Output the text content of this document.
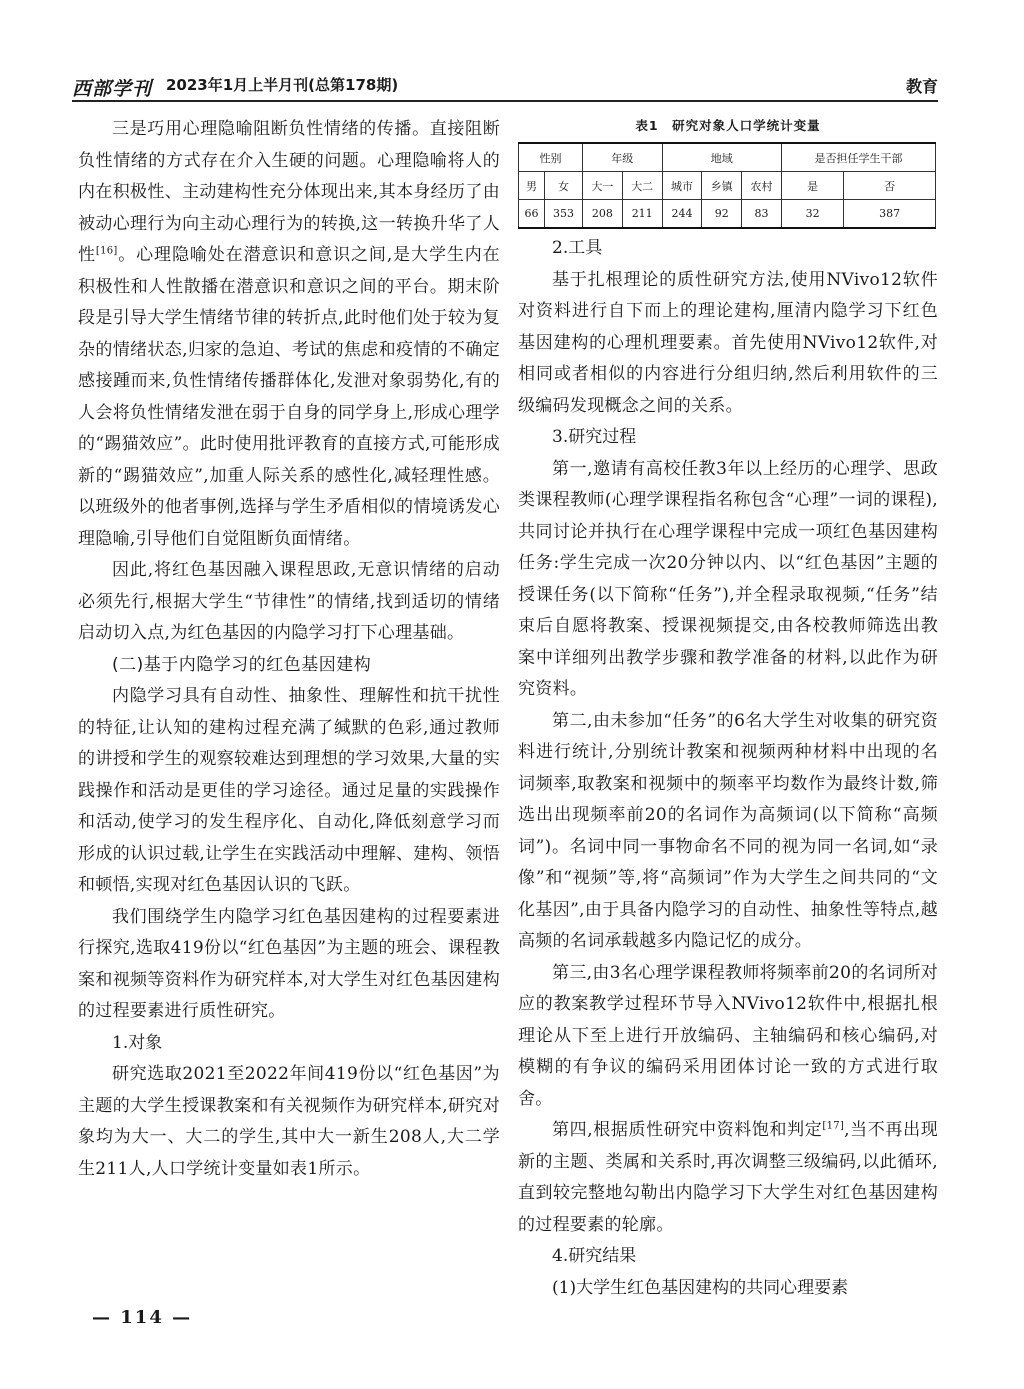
西部学刊 2023年1月上半月刊(总第178期)	教育

三是巧用心理隐喻阻断负性情绪的传播。直接阻断负性情绪的方式存在介入生硬的问题。心理隐喻将人的内在积极性、主动建构性充分体现出来,其本身经历了由被动心理行为向主动心理行为的转换,这一转换升华了人性[16]。心理隐喻处在潜意识和意识之间,是大学生内在积极性和人性散播在潜意识和意识之间的平台。期末阶段是引导大学生情绪节律的转折点,此时他们处于较为复杂的情绪状态,归家的急迫、考试的焦虑和疫情的不确定感接踵而来,负性情绪传播群体化,发泄对象弱势化,有的人会将负性情绪发泄在弱于自身的同学身上,形成心理学的“踢猫效应”。此时使用批评教育的直接方式,可能形成新的“踢猫效应”,加重人际关系的感性化,减轻理性感。以班级外的他者事例,选择与学生矛盾相似的情境诱发心理隐喻,引导他们自觉阻断负面情绪。

因此,将红色基因融入课程思政,无意识情绪的启动必须先行,根据大学生“节律性”的情绪,找到适切的情绪启动切入点,为红色基因的内隐学习打下心理基础。

(二)基于内隐学习的红色基因建构

内隐学习具有自动性、抽象性、理解性和抗干扰性的特征,让认知的建构过程充满了缄默的色彩,通过教师的讲授和学生的观察较难达到理想的学习效果,大量的实践操作和活动是更佳的学习途径。通过足量的实践操作和活动,使学习的发生程序化、自动化,降低刻意学习而形成的认识过载,让学生在实践活动中理解、建构、领悟和顿悟,实现对红色基因认识的飞跃。

我们围绕学生内隐学习红色基因建构的过程要素进行探究,选取419份以“红色基因”为主题的班会、课程教案和视频等资料作为研究样本,对大学生对红色基因建构的过程要素进行质性研究。

1.对象

研究选取2021至2022年间419份以“红色基因”为主题的大学生授课教案和有关视频作为研究样本,研究对象均为大一、大二的学生,其中大一新生208人,大二学生211人,人口学统计变量如表1所示。

表1　研究对象人口学统计变量
性别		年级		地域			是否担任学生干部	
男	女	大一	大二	城市	乡镇	农村	是	否
66	353	208	211	244	92	83	32	387

2.工具

基于扎根理论的质性研究方法,使用NVivo12软件对资料进行自下而上的理论建构,厘清内隐学习下红色基因建构的心理机理要素。首先使用NVivo12软件,对相同或者相似的内容进行分组归纳,然后利用软件的三级编码发现概念之间的关系。

3.研究过程

第一,邀请有高校任教3年以上经历的心理学、思政类课程教师(心理学课程指名称包含“心理”一词的课程),共同讨论并执行在心理学课程中完成一项红色基因建构任务:学生完成一次20分钟以内、以“红色基因”主题的授课任务(以下简称“任务”),并全程录取视频,“任务”结束后自愿将教案、授课视频提交,由各校教师筛选出教案中详细列出教学步骤和教学准备的材料,以此作为研究资料。

第二,由未参加“任务”的6名大学生对收集的研究资料进行统计,分别统计教案和视频两种材料中出现的名词频率,取教案和视频中的频率平均数作为最终计数,筛选出出现频率前20的名词作为高频词(以下简称“高频词”)。名词中同一事物命名不同的视为同一名词,如“录像”和“视频”等,将“高频词”作为大学生之间共同的“文化基因”,由于具备内隐学习的自动性、抽象性等特点,越高频的名词承载越多内隐记忆的成分。

第三,由3名心理学课程教师将频率前20的名词所对应的教案教学过程环节导入NVivo12软件中,根据扎根理论从下至上进行开放编码、主轴编码和核心编码,对模糊的有争议的编码采用团体讨论一致的方式进行取舍。

第四,根据质性研究中资料饱和判定[17],当不再出现新的主题、类属和关系时,再次调整三级编码,以此循环,直到较完整地勾勒出内隐学习下大学生对红色基因建构的过程要素的轮廓。

4.研究结果

(1)大学生红色基因建构的共同心理要素

— 114 —
